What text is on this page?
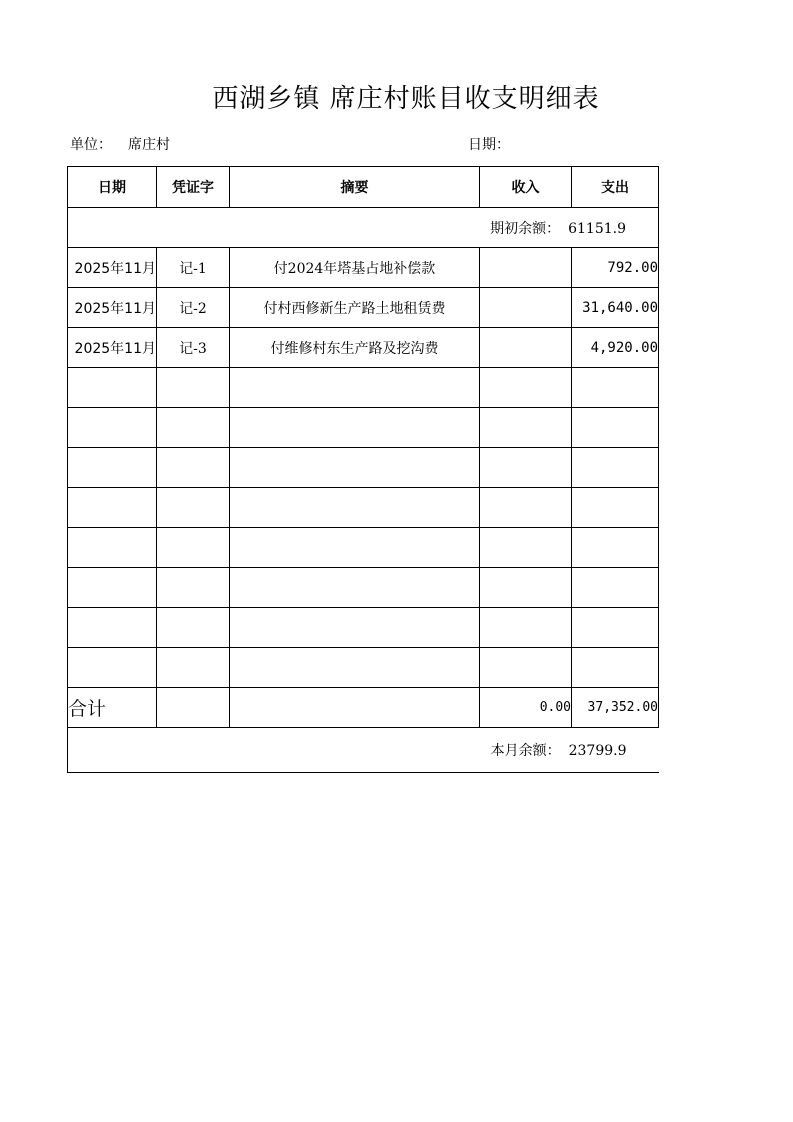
西湖乡镇 席庄村账目收支明细表
单位： 席庄村	日期：
日期	凭证字	摘要	收入	支出
期初余额： 61151.9				
2025年11月	记-1	付2024年塔基占地补偿款		792.00
2025年11月	记-2	付村西修新生产路土地租赁费		31,640.00
2025年11月	记-3	付维修村东生产路及挖沟费		4,920.00

合计			0.00	37,352.00
本月余额： 23799.9				
